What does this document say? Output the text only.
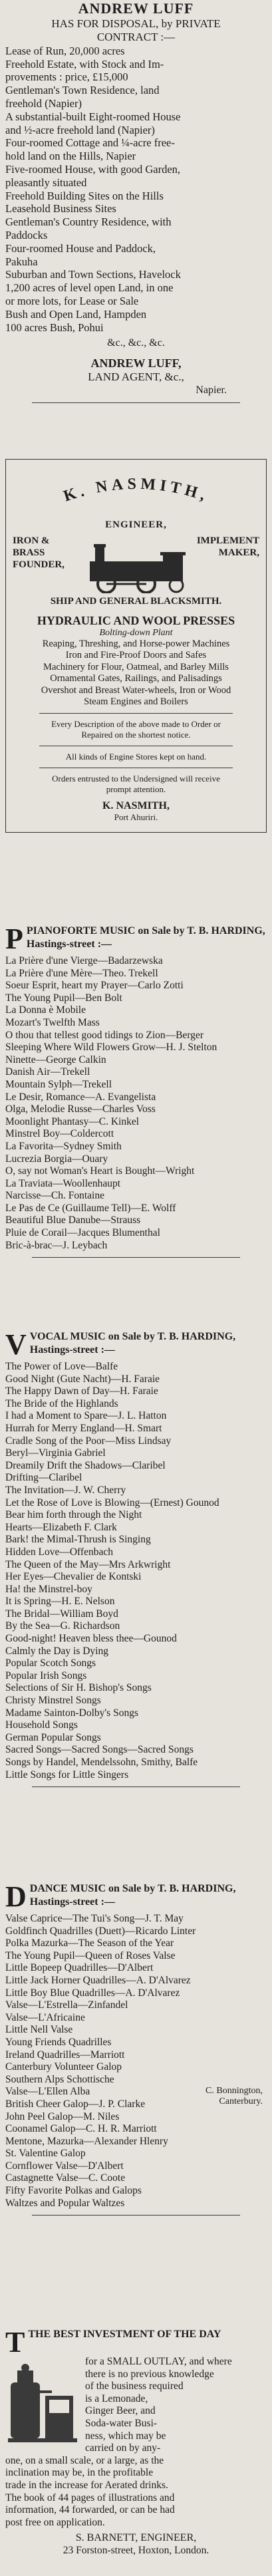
ANDREW LUFF
HAS FOR DISPOSAL, by PRIVATE
CONTRACT :—
Lease of Run, 20,000 acres
Freehold Estate, with Stock and Im-
provements : price, £15,000
Gentleman's Town Residence, land
freehold (Napier)
A substantial-built Eight-roomed House
and ½-acre freehold land (Napier)
Four-roomed Cottage and ¼-acre free-
hold land on the Hills, Napier
Five-roomed House, with good Garden,
pleasantly situated
Freehold Building Sites on the Hills
Leasehold Business Sites
Gentleman's Country Residence, with
Paddocks
Four-roomed House and Paddock,
Pakuha
Suburban and Town Sections, Havelock
1,200 acres of level open Land, in one
or more lots, for Lease or Sale
Bush and Open Land, Hampden
100 acres Bush, Pohui
&c., &c., &c.
ANDREW LUFF,
LAND AGENT, &c.,
Napier.
K. NASMITH,
ENGINEER,
IRON & BRASS
FOUNDER,
IMPLEMENT
MAKER,
SHIP AND GENERAL BLACKSMITH.
HYDRAULIC AND WOOL PRESSES
Bolting-down Plant
Reaping, Threshing, and Horse-power Machines
Iron and Fire-Proof Doors and Safes
Machinery for Flour, Oatmeal, and Barley Mills
Ornamental Gates, Railings, and Palisadings
Overshot and Breast Water-wheels, Iron or Wood
Steam Engines and Boilers
Every Description of the above made to Order or
Repaired on the shortest notice.
All kinds of Engine Stores kept on hand.
Orders entrusted to the Undersigned will receive
prompt attention.
K. NASMITH,
Port Ahuriri.
P PIANOFORTE MUSIC on Sale by T. B. HARDING, Hastings-street :—
La Prière d'une Vierge—Badarzewska
La Prière d'une Mère—Theo. Trekell
Soeur Esprit, heart my Prayer—Carlo Zotti
The Young Pupil—Ben Bolt
La Donna è Mobile
Mozart's Twelfth Mass
O thou that tellest good tidings to Zion—Berger
Sleeping Where Wild Flowers Grow—H. J. Stelton
Ninette—George Calkin
Danish Air—Trekell
Mountain Sylph—Trekell
Le Desir, Romance—A. Evangelista
Olga, Melodie Russe—Charles Voss
Moonlight Phantasy—C. Kinkel
Minstrel Boy—Coldercott
La Favorita—Sydney Smith
Lucrezia Borgia—Ouary
O, say not Woman's Heart is Bought—Wright
La Traviata—Woollenhaupt
Narcisse—Ch. Fontaine
Le Pas de Ce (Guillaume Tell)—E. Wolff
Beautiful Blue Danube—Strauss
Pluie de Corail—Jacques Blumenthal
Bric-à-brac—J. Leybach
V VOCAL MUSIC on Sale by T. B. HARDING, Hastings-street :—
The Power of Love—Balfe
Good Night (Gute Nacht)—H. Faraie
The Happy Dawn of Day—H. Faraie
The Bride of the Highlands
I had a Moment to Spare—J. L. Hatton
Hurrah for Merry England—H. Smart
Cradle Song of the Poor—Miss Lindsay
Beryl—Virginia Gabriel
Dreamily Drift the Shadows—Claribel
Drifting—Claribel
The Invitation—J. W. Cherry
Let the Rose of Love is Blowing—(Ernest) Gounod
Bear him forth through the Night
Hearts—Elizabeth F. Clark
Bark! the Mimal-Thrush is Singing
Hidden Love—Offenbach
The Queen of the May—Mrs Arkwright
Her Eyes—Chevalier de Kontski
Ha! the Minstrel-boy
It is Spring—H. E. Nelson
The Bridal—William Boyd
By the Sea—G. Richardson
Good-night! Heaven bless thee—Gounod
Calmly the Day is Dying
Popular Scotch Songs
Popular Irish Songs
Selections of Sir H. Bishop's Songs
Christy Minstrel Songs
Madame Sainton-Dolby's Songs
Household Songs
German Popular Songs
Sacred Songs—Sacred Songs—Sacred Songs
Songs by Handel, Mendelssohn, Smithy, Balfe
Little Songs for Little Singers
D DANCE MUSIC on Sale by T. B. HARDING, Hastings-street :—
Valse Caprice—The Tui's Song—J. T. May
Goldfinch Quadrilles (Duett)—Ricardo Linter
Polka Mazurka—The Season of the Year
The Young Pupil—Queen of Roses Valse
Little Bopeep Quadrilles—D'Albert
Little Jack Horner Quadrilles—A. D'Alvarez
Little Boy Blue Quadrilles—A. D'Alvarez
Valse—L'Estrella—Zinfandel
Valse—L'Africaine
Little Nell Valse
Young Friends Quadrilles
Ireland Quadrilles—Marriott
Canterbury Volunteer Galop
Southern Alps Schottische
Valse—L'Ellen Alba
British Cheer Galop—J. P. Clarke
John Peel Galop—M. Niles
Coonamel Galop—C. H. R. Marriott
Mentone, Mazurka—Alexander Hlenry
St. Valentine Galop
Cornflower Valse—D'Albert
Castagnette Valse—C. Coote
Fifty Favorite Polkas and Galops
Waltzes and Popular Waltzes
C. Bonnington,
Canterbury.
T THE BEST INVESTMENT OF THE DAY
for a SMALL OUTLAY, and where
there is no previous knowledge
of the business required
is a Lemonade,
Ginger Beer, and
Soda-water Busi-
ness, which may be
carried on by any-
one, on a small scale, or a large, as the
inclination may be, in the profitable
trade in the increase for Aerated drinks.
The book of 44 pages of illustrations and
information, 44 forwarded, or can be had
post free on application.
S. BARNETT, ENGINEER,
23 Forston-street, Hoxton, London.
